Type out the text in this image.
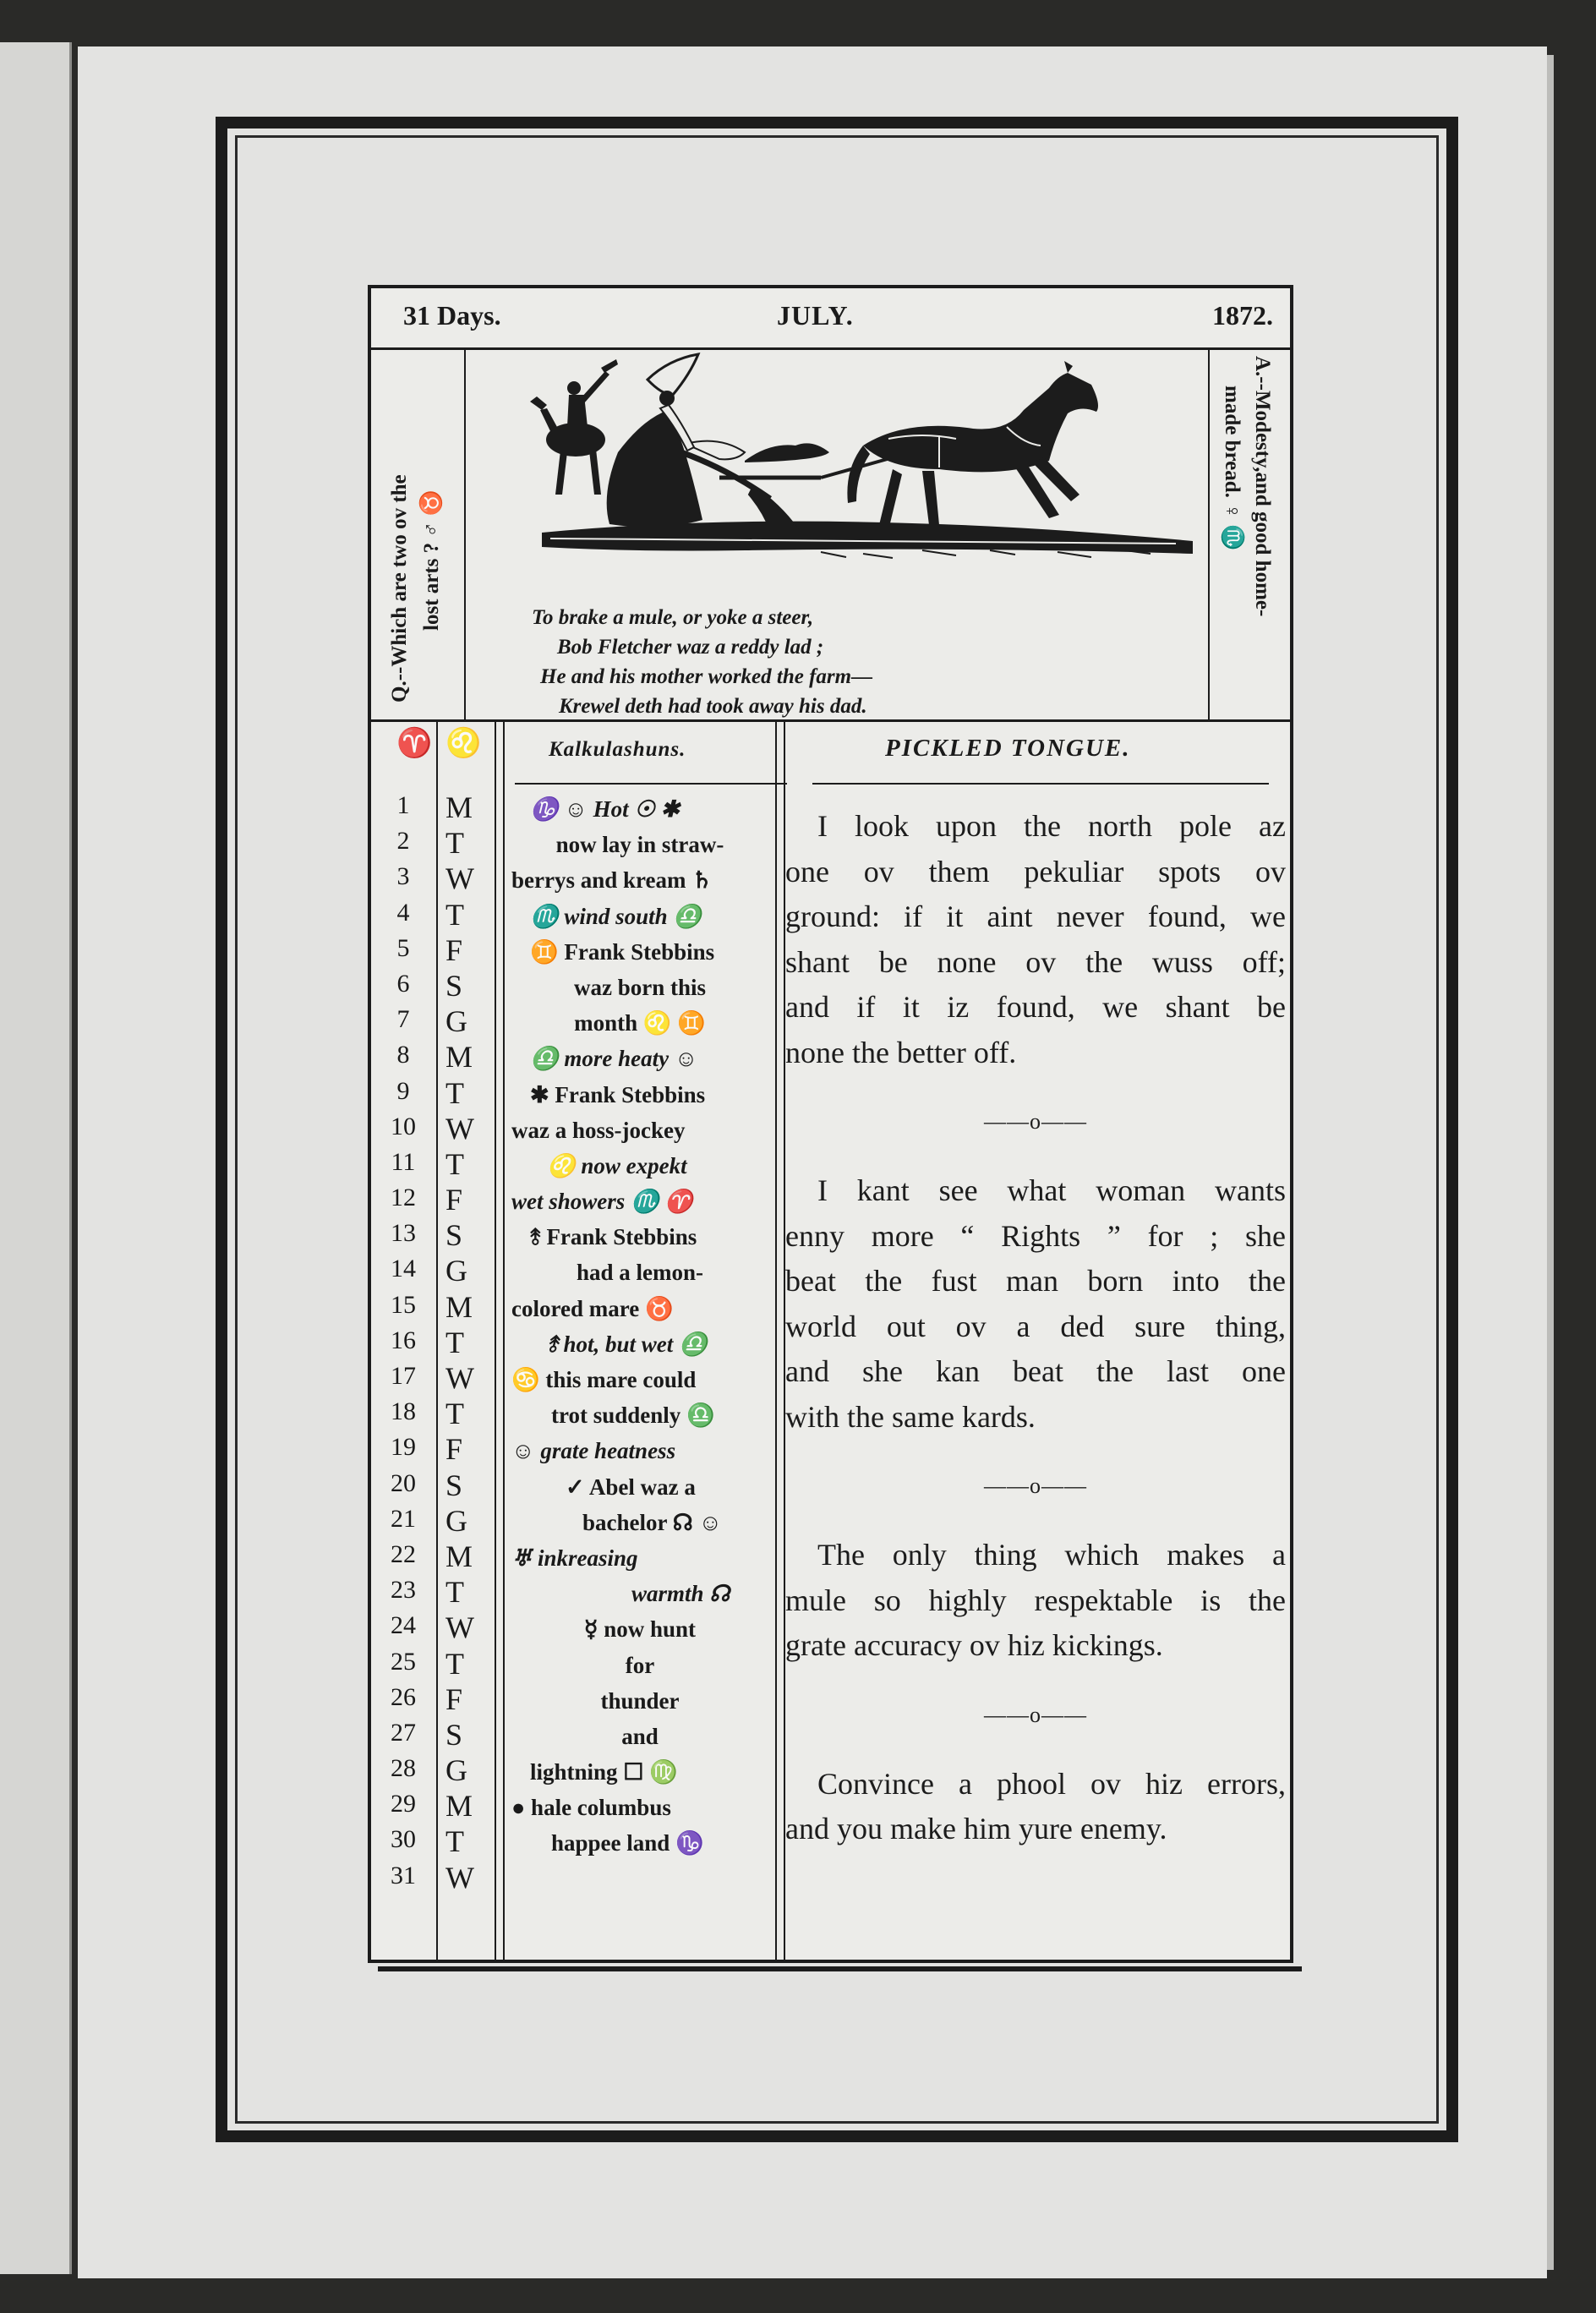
31 Days.	JULY.	1872.
Q.--Which are two ov the lost arts ? ♂ ♉	To brake a mule, or yoke a steer,
Bob Fletcher waz a reddy lad ;
He and his mother worked the farm—
Krewel deth had took away his dad.
A.--Modesty,and good home-
made bread. ♀ ♏
♈ ♌	Kalkulashuns.	PICKLED TONGUE.
1	M
2	T
3	W
4	T
5	F
6	S
7	G
8	M
9	T
10 W
11 T
12 F
13 S
14 G
15 M
16 T
17 W
18 T
19 F
20 S
21 G
22 M
23 T
24 W
25 T
26 F
27 S
28 G
29 M
30 T
31 W
♑ ☺ Hot ☉ ✱
now lay in straw-
berrys and kream ♄
♏ wind south ♎
♊ Frank Stebbins
waz born this
month ♌ ♊
♎ more heaty ☺
✱ Frank Stebbins
waz a hoss-jockey
♌ now expekt
wet showers ♏ ♈
⥉ Frank Stebbins
had a lemon-
colored mare ♉
⥉ hot, but wet ♎
♋ this mare could
trot suddenly ♎
☺ grate heatness
✓ Abel waz a
bachelor ☊ ☺
♅ inkreasing
warmth ☊
☿ now hunt
for
thunder
and
lightning ☐ ♍
● hale columbus
happee land ♑
I look upon the north pole az
one ov them pekuliar spots ov
ground: if it aint never found, we
shant be none ov the wuss off;
and if it iz found, we shant be
none the better off.
——o——
I kant see what woman wants
enny more “ Rights ” for ; she
beat the fust man born into the
world out ov a ded sure thing,
and she kan beat the last one
with the same kards.
——o——
The only thing which makes a
mule so highly respektable is the
grate accuracy ov hiz kickings.
——o——
Convince a phool ov hiz errors,
and you make him yure enemy.
